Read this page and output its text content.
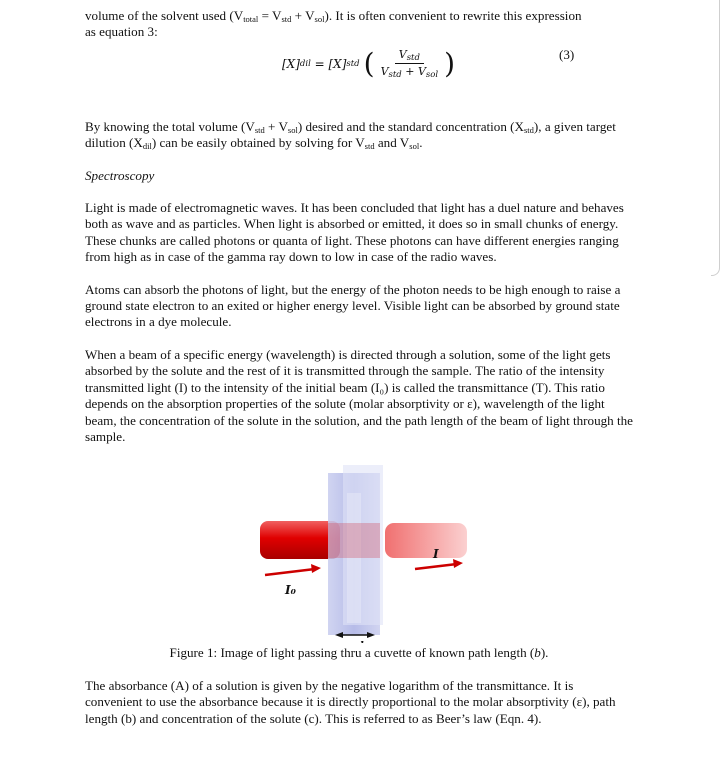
volume of the solvent used $(V_{total} = V_{std} + V_{sol})$. It is often convenient to rewrite this expression
as equation 3:

[X] dil = [X] std ( $\frac{V_{std}}{V_{std} + V_{sol}}$ )	(3)

By knowing the total volume $(V_{std} + V_{sol})$ desired and the standard concentration $(X_{std})$, a given target dilution $(X_{dil})$ can be easily obtained by solving for $V_{std}$ and $V_{sol}$.

Spectroscopy

Light is made of electromagnetic waves. It has been concluded that light has a duel nature and behaves both as wave and as particles. When light is absorbed or emitted, it does so in small chunks of energy. These chunks are called photons or quanta of light. These photons can have different energies ranging from high as in case of the gamma ray down to low in case of the radio waves.

Atoms can absorb the photons of light, but the energy of the photon needs to be high enough to raise a ground state electron to an exited or higher energy level. Visible light can be absorbed by ground state electrons in a dye molecule.

When a beam of a specific energy (wavelength) is directed through a solution, some of the light gets absorbed by the solute and the rest of it is transmitted through the sample. The ratio of the intensity transmitted light (I) to the intensity of the initial beam (I₀) is called the transmittance (T). This ratio depends on the absorption properties of the solute (molar absorptivity or ε), wavelength of the light beam, the concentration of the solute in the solution, and the path length of the beam of light through the sample.

I₀
I

Figure 1: Image of light passing thru a cuvette of known path length (b).

The absorbance (A) of a solution is given by the negative logarithm of the transmittance. It is convenient to use the absorbance because it is directly proportional to the molar absorptivity (ε), path length (b) and concentration of the solute (c). This is referred to as Beer’s law (Eqn. 4).
